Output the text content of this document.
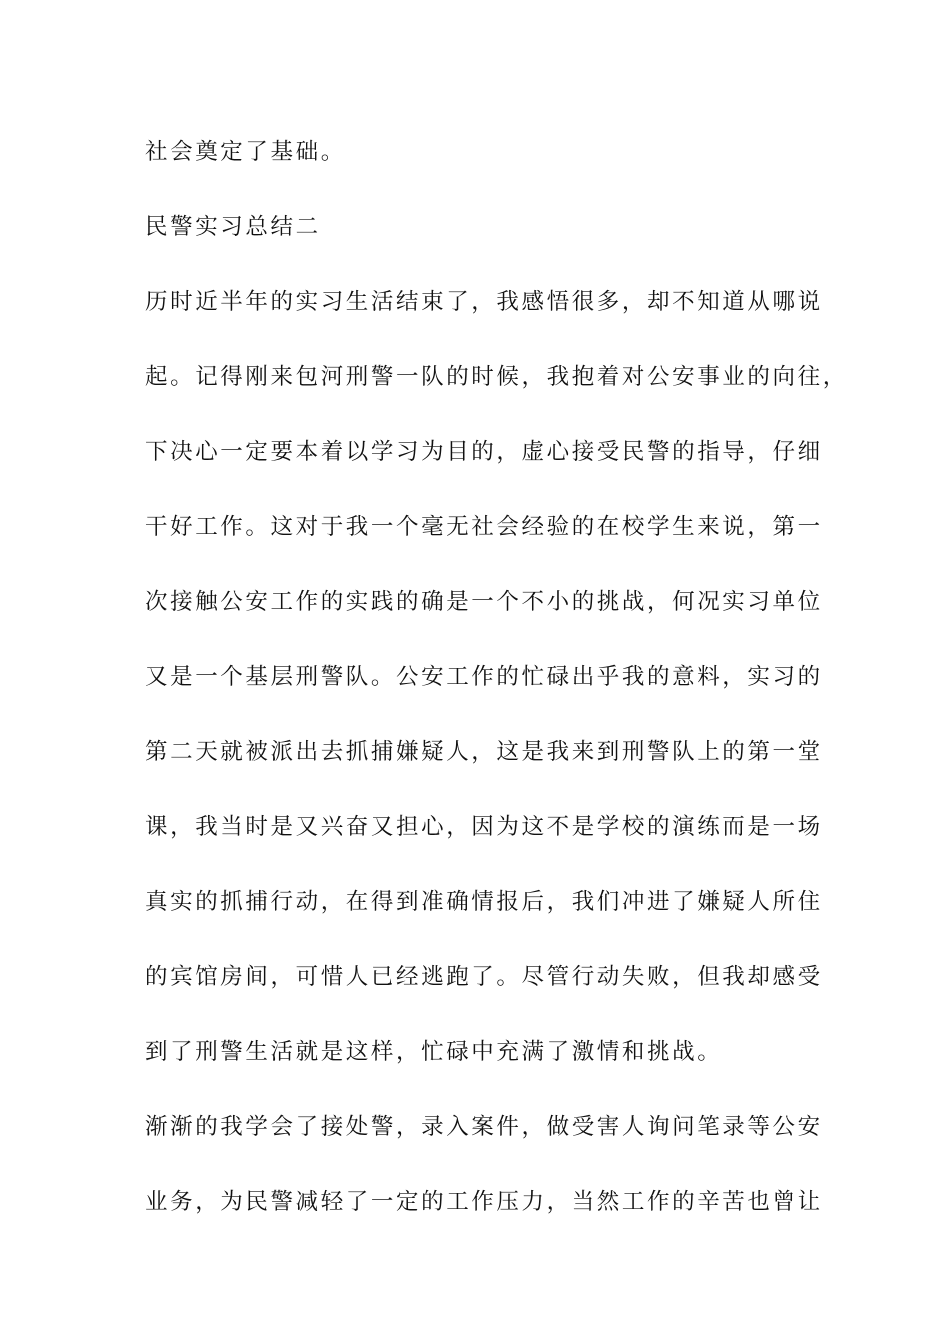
社会奠定了基础。
民警实习总结二
历时近半年的实习生活结束了，我感悟很多，却不知道从哪说
起。记得刚来包河刑警一队的时候，我抱着对公安事业的向往，
下决心一定要本着以学习为目的，虚心接受民警的指导，仔细
干好工作。这对于我一个毫无社会经验的在校学生来说，第一
次接触公安工作的实践的确是一个不小的挑战，何况实习单位
又是一个基层刑警队。公安工作的忙碌出乎我的意料，实习的
第二天就被派出去抓捕嫌疑人，这是我来到刑警队上的第一堂
课，我当时是又兴奋又担心，因为这不是学校的演练而是一场
真实的抓捕行动，在得到准确情报后，我们冲进了嫌疑人所住
的宾馆房间，可惜人已经逃跑了。尽管行动失败，但我却感受
到了刑警生活就是这样，忙碌中充满了激情和挑战。
渐渐的我学会了接处警，录入案件，做受害人询问笔录等公安
业务，为民警减轻了一定的工作压力，当然工作的辛苦也曾让
